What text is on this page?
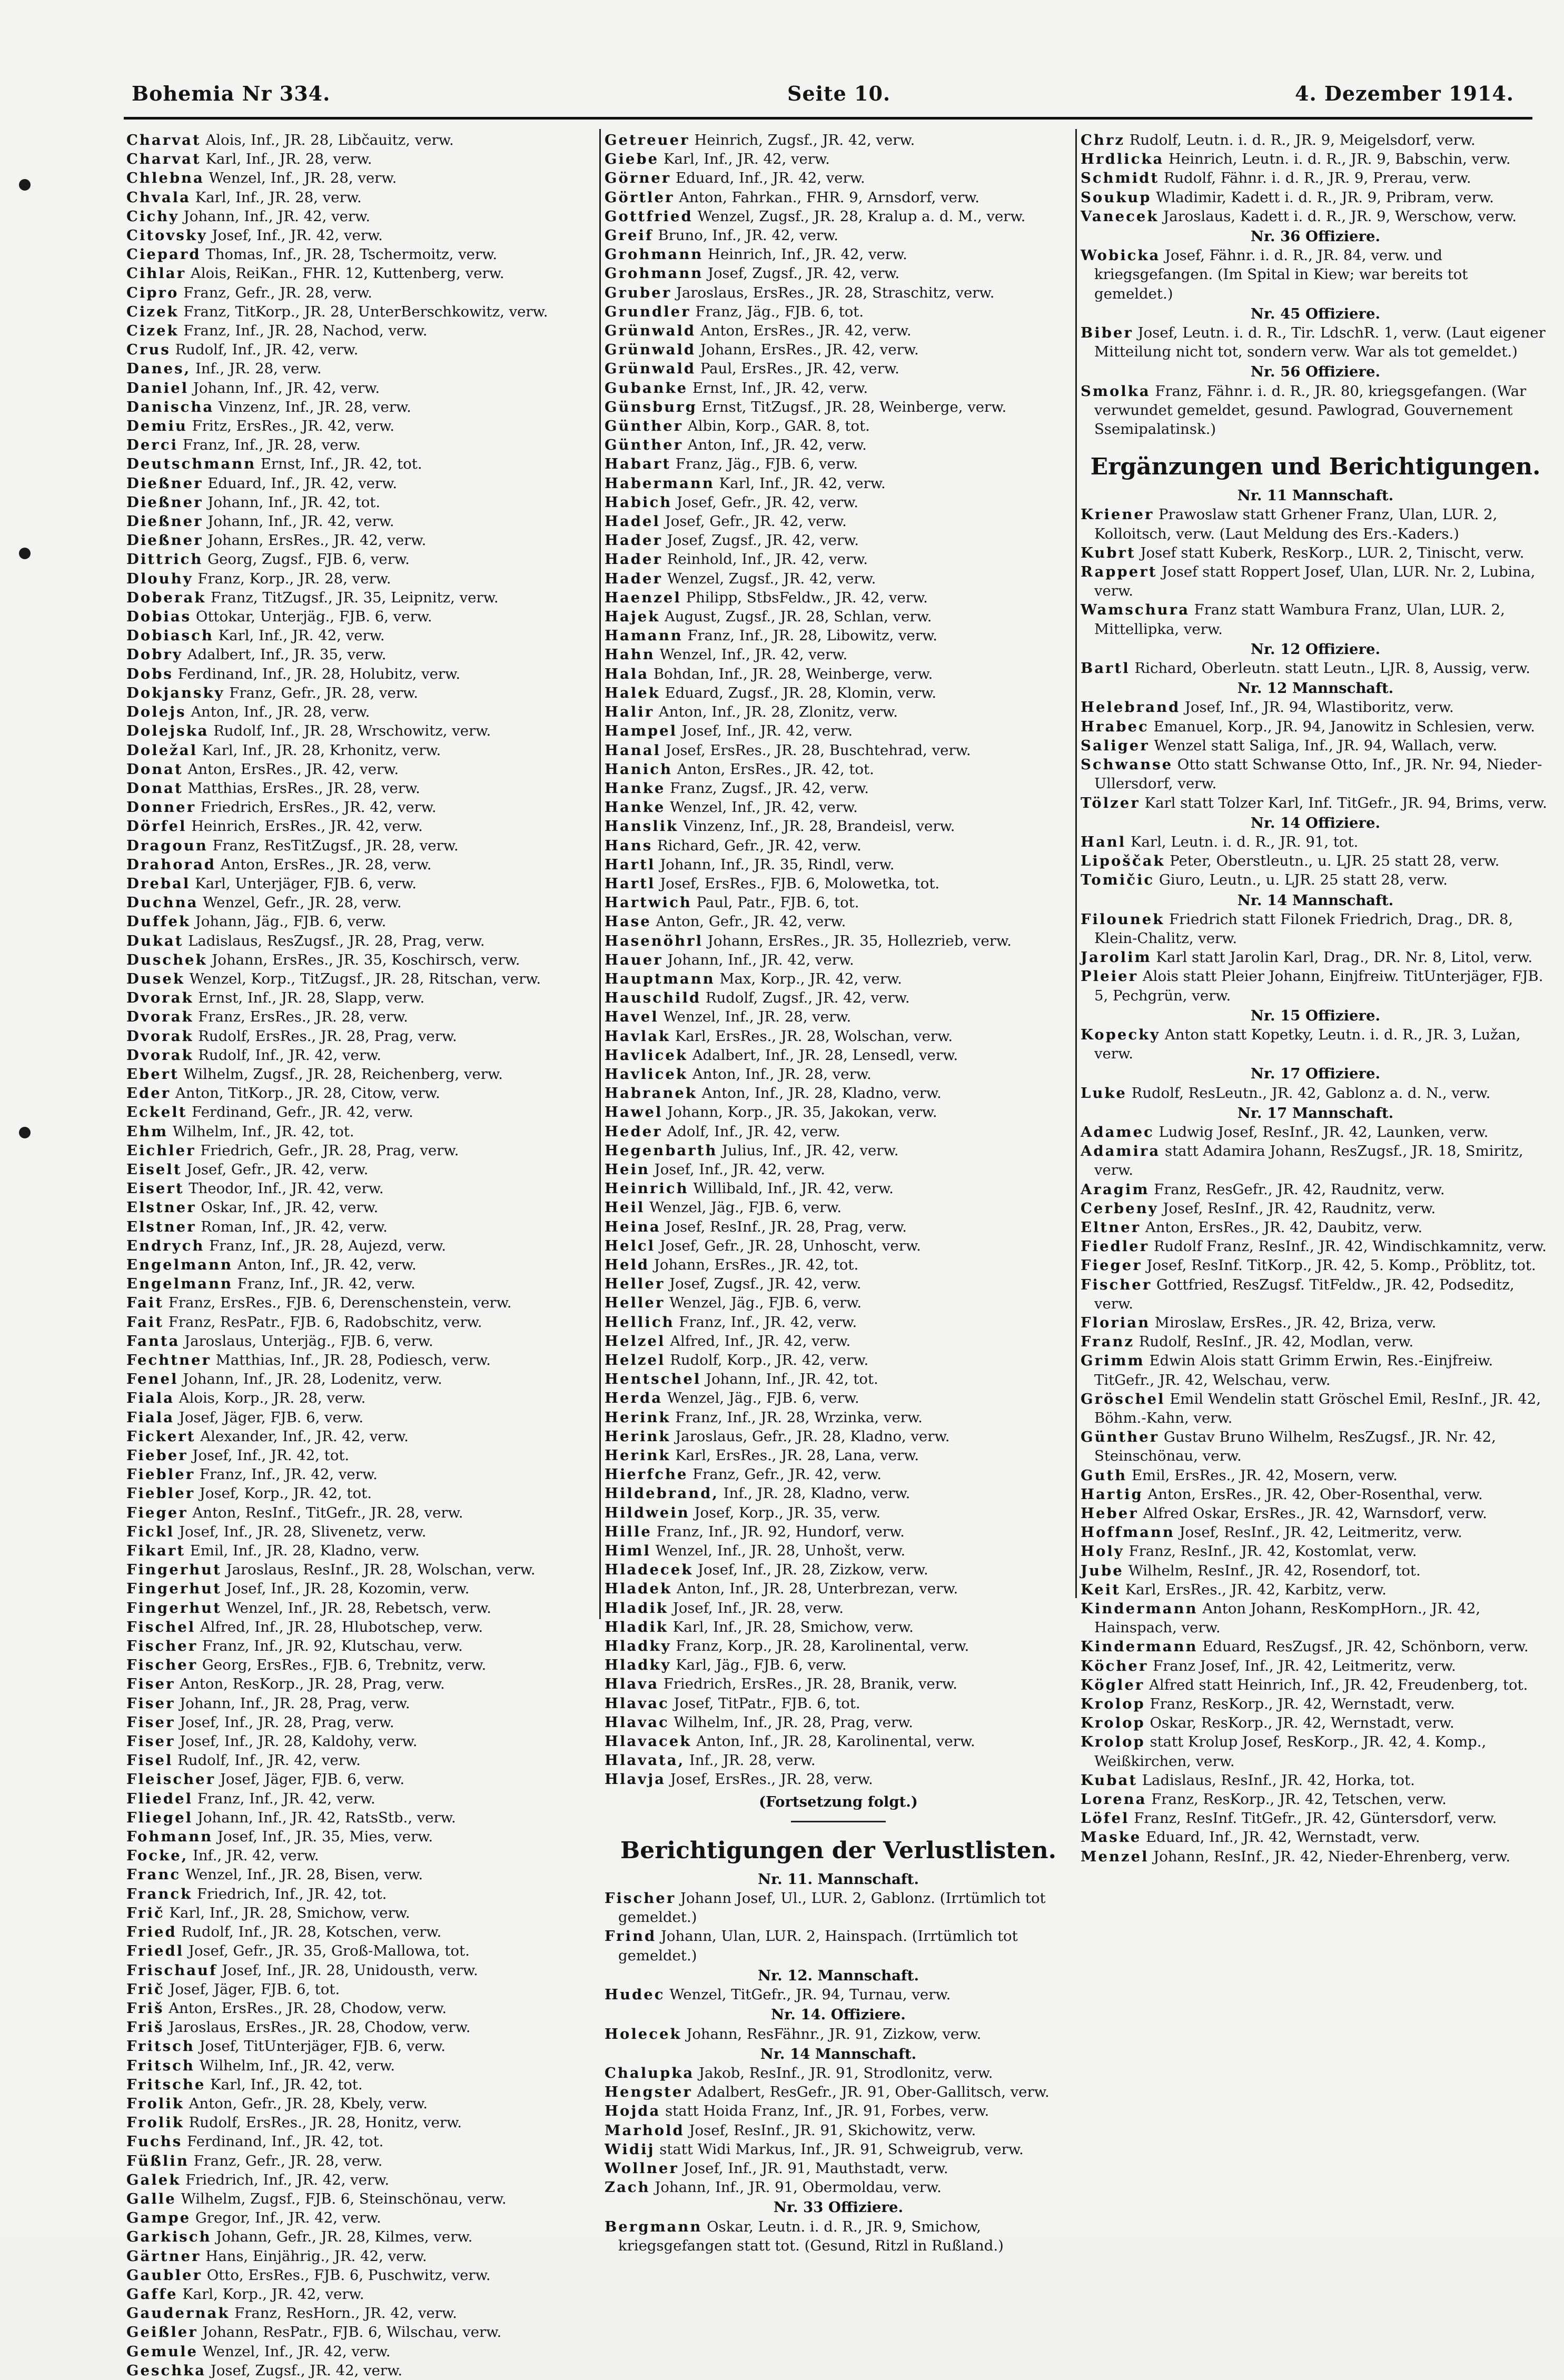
Bohemia Nr 334.	Seite 10.	4. Dezember 1914.
Charvat Alois, Inf., JR. 28, Libčauitz, verw.
Charvat Karl, Inf., JR. 28, verw.
Chlebna Wenzel, Inf., JR. 28, verw.
Chvala Karl, Inf., JR. 28, verw.
Cichy Johann, Inf., JR. 42, verw.
Citovsky Josef, Inf., JR. 42, verw.
Ciepard Thomas, Inf., JR. 28, Tschermoitz, verw.
Cihlar Alois, ReiKan., FHR. 12, Kuttenberg, verw.
Cipro Franz, Gefr., JR. 28, verw.
Cizek Franz, TitKorp., JR. 28, UnterBerschkowitz, verw.
Cizek Franz, Inf., JR. 28, Nachod, verw.
Crus Rudolf, Inf., JR. 42, verw.
Danes, Inf., JR. 28, verw.
Daniel Johann, Inf., JR. 42, verw.
Danischa Vinzenz, Inf., JR. 28, verw.
Demiu Fritz, ErsRes., JR. 42, verw.
Derci Franz, Inf., JR. 28, verw.
Deutschmann Ernst, Inf., JR. 42, tot.
Dießner Eduard, Inf., JR. 42, verw.
Dießner Johann, Inf., JR. 42, tot.
Dießner Johann, Inf., JR. 42, verw.
Dießner Johann, ErsRes., JR. 42, verw.
Dittrich Georg, Zugsf., FJB. 6, verw.
Dlouhy Franz, Korp., JR. 28, verw.
Doberak Franz, TitZugsf., JR. 35, Leipnitz, verw.
Dobias Ottokar, Unterjäg., FJB. 6, verw.
Dobiasch Karl, Inf., JR. 42, verw.
Dobry Adalbert, Inf., JR. 35, verw.
Dobs Ferdinand, Inf., JR. 28, Holubitz, verw.
Dokjansky Franz, Gefr., JR. 28, verw.
Dolejs Anton, Inf., JR. 28, verw.
Dolejska Rudolf, Inf., JR. 28, Wrschowitz, verw.
Doležal Karl, Inf., JR. 28, Krhonitz, verw.
Donat Anton, ErsRes., JR. 42, verw.
Donat Matthias, ErsRes., JR. 28, verw.
Donner Friedrich, ErsRes., JR. 42, verw.
Dörfel Heinrich, ErsRes., JR. 42, verw.
Dragoun Franz, ResTitZugsf., JR. 28, verw.
Drahorad Anton, ErsRes., JR. 28, verw.
Drebal Karl, Unterjäger, FJB. 6, verw.
Duchna Wenzel, Gefr., JR. 28, verw.
Duffek Johann, Jäg., FJB. 6, verw.
Dukat Ladislaus, ResZugsf., JR. 28, Prag, verw.
Duschek Johann, ErsRes., JR. 35, Koschirsch, verw.
Dusek Wenzel, Korp., TitZugsf., JR. 28, Ritschan, verw.
Dvorak Ernst, Inf., JR. 28, Slapp, verw.
Dvorak Franz, ErsRes., JR. 28, verw.
Dvorak Rudolf, ErsRes., JR. 28, Prag, verw.
Dvorak Rudolf, Inf., JR. 42, verw.
Ebert Wilhelm, Zugsf., JR. 28, Reichenberg, verw.
Eder Anton, TitKorp., JR. 28, Citow, verw.
Eckelt Ferdinand, Gefr., JR. 42, verw.
Ehm Wilhelm, Inf., JR. 42, tot.
Eichler Friedrich, Gefr., JR. 28, Prag, verw.
Eiselt Josef, Gefr., JR. 42, verw.
Eisert Theodor, Inf., JR. 42, verw.
Elstner Oskar, Inf., JR. 42, verw.
Elstner Roman, Inf., JR. 42, verw.
Endrych Franz, Inf., JR. 28, Aujezd, verw.
Engelmann Anton, Inf., JR. 42, verw.
Engelmann Franz, Inf., JR. 42, verw.
Fait Franz, ErsRes., FJB. 6, Derenschenstein, verw.
Fait Franz, ResPatr., FJB. 6, Radobschitz, verw.
Fanta Jaroslaus, Unterjäg., FJB. 6, verw.
Fechtner Matthias, Inf., JR. 28, Podiesch, verw.
Fenel Johann, Inf., JR. 28, Lodenitz, verw.
Fiala Alois, Korp., JR. 28, verw.
Fiala Josef, Jäger, FJB. 6, verw.
Fickert Alexander, Inf., JR. 42, verw.
Fieber Josef, Inf., JR. 42, tot.
Fiebler Franz, Inf., JR. 42, verw.
Fiebler Josef, Korp., JR. 42, tot.
Fieger Anton, ResInf., TitGefr., JR. 28, verw.
Fickl Josef, Inf., JR. 28, Slivenetz, verw.
Fikart Emil, Inf., JR. 28, Kladno, verw.
Fingerhut Jaroslaus, ResInf., JR. 28, Wolschan, verw.
Fingerhut Josef, Inf., JR. 28, Kozomin, verw.
Fingerhut Wenzel, Inf., JR. 28, Rebetsch, verw.
Fischel Alfred, Inf., JR. 28, Hlubotschep, verw.
Fischer Franz, Inf., JR. 92, Klutschau, verw.
Fischer Georg, ErsRes., FJB. 6, Trebnitz, verw.
Fiser Anton, ResKorp., JR. 28, Prag, verw.
Fiser Johann, Inf., JR. 28, Prag, verw.
Fiser Josef, Inf., JR. 28, Prag, verw.
Fiser Josef, Inf., JR. 28, Kaldohy, verw.
Fisel Rudolf, Inf., JR. 42, verw.
Fleischer Josef, Jäger, FJB. 6, verw.
Fliedel Franz, Inf., JR. 42, verw.
Fliegel Johann, Inf., JR. 42, RatsStb., verw.
Fohmann Josef, Inf., JR. 35, Mies, verw.
Focke, Inf., JR. 42, verw.
Franc Wenzel, Inf., JR. 28, Bisen, verw.
Franck Friedrich, Inf., JR. 42, tot.
Frič Karl, Inf., JR. 28, Smichow, verw.
Fried Rudolf, Inf., JR. 28, Kotschen, verw.
Friedl Josef, Gefr., JR. 35, Groß-Mallowa, tot.
Frischauf Josef, Inf., JR. 28, Unidousth, verw.
Frič Josef, Jäger, FJB. 6, tot.
Friš Anton, ErsRes., JR. 28, Chodow, verw.
Friš Jaroslaus, ErsRes., JR. 28, Chodow, verw.
Fritsch Josef, TitUnterjäger, FJB. 6, verw.
Fritsch Wilhelm, Inf., JR. 42, verw.
Fritsche Karl, Inf., JR. 42, tot.
Frolik Anton, Gefr., JR. 28, Kbely, verw.
Frolik Rudolf, ErsRes., JR. 28, Honitz, verw.
Fuchs Ferdinand, Inf., JR. 42, tot.
Füßlin Franz, Gefr., JR. 28, verw.
Galek Friedrich, Inf., JR. 42, verw.
Galle Wilhelm, Zugsf., FJB. 6, Steinschönau, verw.
Gampe Gregor, Inf., JR. 42, verw.
Garkisch Johann, Gefr., JR. 28, Kilmes, verw.
Gärtner Hans, Einjährig., JR. 42, verw.
Gaubler Otto, ErsRes., FJB. 6, Puschwitz, verw.
Gaffe Karl, Korp., JR. 42, verw.
Gaudernak Franz, ResHorn., JR. 42, verw.
Geißler Johann, ResPatr., FJB. 6, Wilschau, verw.
Gemule Wenzel, Inf., JR. 42, verw.
Geschka Josef, Zugsf., JR. 42, verw.
Getreuer Heinrich, Zugsf., JR. 42, verw.
Giebe Karl, Inf., JR. 42, verw.
Görner Eduard, Inf., JR. 42, verw.
Görtler Anton, Fahrkan., FHR. 9, Arnsdorf, verw.
Gottfried Wenzel, Zugsf., JR. 28, Kralup a. d. M., verw.
Greif Bruno, Inf., JR. 42, verw.
Grohmann Heinrich, Inf., JR. 42, verw.
Grohmann Josef, Zugsf., JR. 42, verw.
Gruber Jaroslaus, ErsRes., JR. 28, Straschitz, verw.
Grundler Franz, Jäg., FJB. 6, tot.
Grünwald Anton, ErsRes., JR. 42, verw.
Grünwald Johann, ErsRes., JR. 42, verw.
Grünwald Paul, ErsRes., JR. 42, verw.
Gubanke Ernst, Inf., JR. 42, verw.
Günsburg Ernst, TitZugsf., JR. 28, Weinberge, verw.
Günther Albin, Korp., GAR. 8, tot.
Günther Anton, Inf., JR. 42, verw.
Habart Franz, Jäg., FJB. 6, verw.
Habermann Karl, Inf., JR. 42, verw.
Habich Josef, Gefr., JR. 42, verw.
Hadel Josef, Gefr., JR. 42, verw.
Hader Josef, Zugsf., JR. 42, verw.
Hader Reinhold, Inf., JR. 42, verw.
Hader Wenzel, Zugsf., JR. 42, verw.
Haenzel Philipp, StbsFeldw., JR. 42, verw.
Hajek August, Zugsf., JR. 28, Schlan, verw.
Hamann Franz, Inf., JR. 28, Libowitz, verw.
Hahn Wenzel, Inf., JR. 42, verw.
Hala Bohdan, Inf., JR. 28, Weinberge, verw.
Halek Eduard, Zugsf., JR. 28, Klomin, verw.
Halir Anton, Inf., JR. 28, Zlonitz, verw.
Hampel Josef, Inf., JR. 42, verw.
Hanal Josef, ErsRes., JR. 28, Buschtehrad, verw.
Hanich Anton, ErsRes., JR. 42, tot.
Hanke Franz, Zugsf., JR. 42, verw.
Hanke Wenzel, Inf., JR. 42, verw.
Hanslik Vinzenz, Inf., JR. 28, Brandeisl, verw.
Hans Richard, Gefr., JR. 42, verw.
Hartl Johann, Inf., JR. 35, Rindl, verw.
Hartl Josef, ErsRes., FJB. 6, Molowetka, tot.
Hartwich Paul, Patr., FJB. 6, tot.
Hase Anton, Gefr., JR. 42, verw.
Hasenöhrl Johann, ErsRes., JR. 35, Hollezrieb, verw.
Hauer Johann, Inf., JR. 42, verw.
Hauptmann Max, Korp., JR. 42, verw.
Hauschild Rudolf, Zugsf., JR. 42, verw.
Havel Wenzel, Inf., JR. 28, verw.
Havlak Karl, ErsRes., JR. 28, Wolschan, verw.
Havlicek Adalbert, Inf., JR. 28, Lensedl, verw.
Havlicek Anton, Inf., JR. 28, verw.
Habranek Anton, Inf., JR. 28, Kladno, verw.
Hawel Johann, Korp., JR. 35, Jakokan, verw.
Heder Adolf, Inf., JR. 42, verw.
Hegenbarth Julius, Inf., JR. 42, verw.
Hein Josef, Inf., JR. 42, verw.
Heinrich Willibald, Inf., JR. 42, verw.
Heil Wenzel, Jäg., FJB. 6, verw.
Heina Josef, ResInf., JR. 28, Prag, verw.
Helcl Josef, Gefr., JR. 28, Unhoscht, verw.
Held Johann, ErsRes., JR. 42, tot.
Heller Josef, Zugsf., JR. 42, verw.
Heller Wenzel, Jäg., FJB. 6, verw.
Hellich Franz, Inf., JR. 42, verw.
Helzel Alfred, Inf., JR. 42, verw.
Helzel Rudolf, Korp., JR. 42, verw.
Hentschel Johann, Inf., JR. 42, tot.
Herda Wenzel, Jäg., FJB. 6, verw.
Herink Franz, Inf., JR. 28, Wrzinka, verw.
Herink Jaroslaus, Gefr., JR. 28, Kladno, verw.
Herink Karl, ErsRes., JR. 28, Lana, verw.
Hierfche Franz, Gefr., JR. 42, verw.
Hildebrand, Inf., JR. 28, Kladno, verw.
Hildwein Josef, Korp., JR. 35, verw.
Hille Franz, Inf., JR. 92, Hundorf, verw.
Himl Wenzel, Inf., JR. 28, Unhošt, verw.
Hladecek Josef, Inf., JR. 28, Zizkow, verw.
Hladek Anton, Inf., JR. 28, Unterbrezan, verw.
Hladik Josef, Inf., JR. 28, verw.
Hladik Karl, Inf., JR. 28, Smichow, verw.
Hladky Franz, Korp., JR. 28, Karolinental, verw.
Hladky Karl, Jäg., FJB. 6, verw.
Hlava Friedrich, ErsRes., JR. 28, Branik, verw.
Hlavac Josef, TitPatr., FJB. 6, tot.
Hlavac Wilhelm, Inf., JR. 28, Prag, verw.
Hlavacek Anton, Inf., JR. 28, Karolinental, verw.
Hlavata, Inf., JR. 28, verw.
Hlavja Josef, ErsRes., JR. 28, verw.
(Fortsetzung folgt.)
Berichtigungen der Verlustlisten.
Nr. 11. Mannschaft.
Fischer Johann Josef, Ul., LUR. 2, Gablonz. (Irrtümlich tot gemeldet.)
Frind Johann, Ulan, LUR. 2, Hainspach. (Irrtümlich tot gemeldet.)
Nr. 12. Mannschaft.
Hudec Wenzel, TitGefr., JR. 94, Turnau, verw.
Nr. 14. Offiziere.
Holecek Johann, ResFähnr., JR. 91, Zizkow, verw.
Nr. 14 Mannschaft.
Chalupka Jakob, ResInf., JR. 91, Strodlonitz, verw.
Hengster Adalbert, ResGefr., JR. 91, Ober-Gallitsch, verw.
Hojda statt Hoida Franz, Inf., JR. 91, Forbes, verw.
Marhold Josef, ResInf., JR. 91, Skichowitz, verw.
Widij statt Widi Markus, Inf., JR. 91, Schweigrub, verw.
Wollner Josef, Inf., JR. 91, Mauthstadt, verw.
Zach Johann, Inf., JR. 91, Obermoldau, verw.
Nr. 33 Offiziere.
Bergmann Oskar, Leutn. i. d. R., JR. 9, Smichow, kriegsgefangen statt tot. (Gesund, Ritzl in Rußland.)
Chrz Rudolf, Leutn. i. d. R., JR. 9, Meigelsdorf, verw.
Hrdlicka Heinrich, Leutn. i. d. R., JR. 9, Babschin, verw.
Schmidt Rudolf, Fähnr. i. d. R., JR. 9, Prerau, verw.
Soukup Wladimir, Kadett i. d. R., JR. 9, Pribram, verw.
Vanecek Jaroslaus, Kadett i. d. R., JR. 9, Werschow, verw.
Nr. 36 Offiziere.
Wobicka Josef, Fähnr. i. d. R., JR. 84, verw. und kriegsgefangen. (Im Spital in Kiew; war bereits tot gemeldet.)
Nr. 45 Offiziere.
Biber Josef, Leutn. i. d. R., Tir. LdschR. 1, verw. (Laut eigener Mitteilung nicht tot, sondern verw. War als tot gemeldet.)
Nr. 56 Offiziere.
Smolka Franz, Fähnr. i. d. R., JR. 80, kriegsgefangen. (War verwundet gemeldet, gesund. Pawlograd, Gouvernement Ssemipalatinsk.)
Ergänzungen und Berichtigungen.
Nr. 11 Mannschaft.
Kriener Prawoslaw statt Grhener Franz, Ulan, LUR. 2, Kolloitsch, verw. (Laut Meldung des Ers.-Kaders.)
Kubrt Josef statt Kuberk, ResKorp., LUR. 2, Tinischt, verw.
Rappert Josef statt Roppert Josef, Ulan, LUR. Nr. 2, Lubina, verw.
Wamschura Franz statt Wambura Franz, Ulan, LUR. 2, Mittellipka, verw.
Nr. 12 Offiziere.
Bartl Richard, Oberleutn. statt Leutn., LJR. 8, Aussig, verw.
Nr. 12 Mannschaft.
Helebrand Josef, Inf., JR. 94, Wlastiboritz, verw.
Hrabec Emanuel, Korp., JR. 94, Janowitz in Schlesien, verw.
Saliger Wenzel statt Saliga, Inf., JR. 94, Wallach, verw.
Schwanse Otto statt Schwanse Otto, Inf., JR. Nr. 94, Nieder-Ullersdorf, verw.
Tölzer Karl statt Tolzer Karl, Inf. TitGefr., JR. 94, Brims, verw.
Nr. 14 Offiziere.
Hanl Karl, Leutn. i. d. R., JR. 91, tot.
Lipoščak Peter, Oberstleutn., u. LJR. 25 statt 28, verw.
Tomičic Giuro, Leutn., u. LJR. 25 statt 28, verw.
Nr. 14 Mannschaft.
Filounek Friedrich statt Filonek Friedrich, Drag., DR. 8, Klein-Chalitz, verw.
Jarolim Karl statt Jarolin Karl, Drag., DR. Nr. 8, Litol, verw.
Pleier Alois statt Pleier Johann, Einjfreiw. TitUnterjäger, FJB. 5, Pechgrün, verw.
Nr. 15 Offiziere.
Kopecky Anton statt Kopetky, Leutn. i. d. R., JR. 3, Lužan, verw.
Nr. 17 Offiziere.
Luke Rudolf, ResLeutn., JR. 42, Gablonz a. d. N., verw.
Nr. 17 Mannschaft.
Adamec Ludwig Josef, ResInf., JR. 42, Launken, verw.
Adamira statt Adamira Johann, ResZugsf., JR. 18, Smiritz, verw.
Aragim Franz, ResGefr., JR. 42, Raudnitz, verw.
Cerbeny Josef, ResInf., JR. 42, Raudnitz, verw.
Eltner Anton, ErsRes., JR. 42, Daubitz, verw.
Fiedler Rudolf Franz, ResInf., JR. 42, Windischkamnitz, verw.
Fieger Josef, ResInf. TitKorp., JR. 42, 5. Komp., Pröblitz, tot.
Fischer Gottfried, ResZugsf. TitFeldw., JR. 42, Podseditz, verw.
Florian Miroslaw, ErsRes., JR. 42, Briza, verw.
Franz Rudolf, ResInf., JR. 42, Modlan, verw.
Grimm Edwin Alois statt Grimm Erwin, Res.-Einjfreiw. TitGefr., JR. 42, Welschau, verw.
Gröschel Emil Wendelin statt Gröschel Emil, ResInf., JR. 42, Böhm.-Kahn, verw.
Günther Gustav Bruno Wilhelm, ResZugsf., JR. Nr. 42, Steinschönau, verw.
Guth Emil, ErsRes., JR. 42, Mosern, verw.
Hartig Anton, ErsRes., JR. 42, Ober-Rosenthal, verw.
Heber Alfred Oskar, ErsRes., JR. 42, Warnsdorf, verw.
Hoffmann Josef, ResInf., JR. 42, Leitmeritz, verw.
Holy Franz, ResInf., JR. 42, Kostomlat, verw.
Jube Wilhelm, ResInf., JR. 42, Rosendorf, tot.
Keit Karl, ErsRes., JR. 42, Karbitz, verw.
Kindermann Anton Johann, ResKompHorn., JR. 42, Hainspach, verw.
Kindermann Eduard, ResZugsf., JR. 42, Schönborn, verw.
Köcher Franz Josef, Inf., JR. 42, Leitmeritz, verw.
Kögler Alfred statt Heinrich, Inf., JR. 42, Freudenberg, tot.
Krolop Franz, ResKorp., JR. 42, Wernstadt, verw.
Krolop Oskar, ResKorp., JR. 42, Wernstadt, verw.
Krolop statt Krolup Josef, ResKorp., JR. 42, 4. Komp., Weißkirchen, verw.
Kubat Ladislaus, ResInf., JR. 42, Horka, tot.
Lorena Franz, ResKorp., JR. 42, Tetschen, verw.
Löfel Franz, ResInf. TitGefr., JR. 42, Güntersdorf, verw.
Maske Eduard, Inf., JR. 42, Wernstadt, verw.
Menzel Johann, ResInf., JR. 42, Nieder-Ehrenberg, verw.
